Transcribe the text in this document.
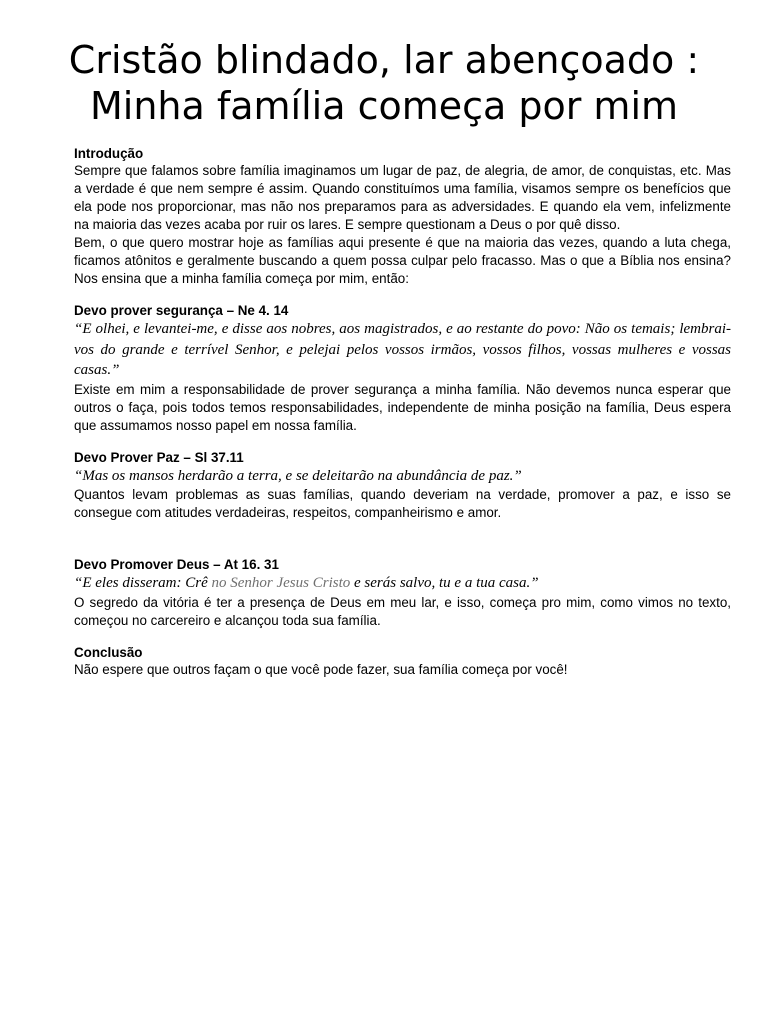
Cristão blindado, lar abençoado :
Minha família começa por mim

Introdução

Sempre que falamos sobre família imaginamos um lugar de paz, de alegria, de amor, de conquistas, etc. Mas a verdade é que nem sempre é assim. Quando constituímos uma família, visamos sempre os benefícios que ela pode nos proporcionar, mas não nos preparamos para as adversidades. E quando ela vem, infelizmente na maioria das vezes acaba por ruir os lares. E sempre questionam a Deus o por quê disso.

Bem, o que quero mostrar hoje as famílias aqui presente é que na maioria das vezes, quando a luta chega, ficamos atônitos e geralmente buscando a quem possa culpar pelo fracasso. Mas o que a Bíblia nos ensina? Nos ensina que a minha família começa por mim, então:

Devo prover segurança – Ne 4. 14

“E olhei, e levantei-me, e disse aos nobres, aos magistrados, e ao restante do povo: Não os temais; lembrai-vos do grande e terrível Senhor, e pelejai pelos vossos irmãos, vossos filhos, vossas mulheres e vossas casas.”

Existe em mim a responsabilidade de prover segurança a minha família. Não devemos nunca esperar que outros o faça, pois todos temos responsabilidades, independente de minha posição na família, Deus espera que assumamos nosso papel em nossa família.

Devo Prover Paz – Sl 37.11

“Mas os mansos herdarão a terra, e se deleitarão na abundância de paz.”

Quantos levam problemas as suas famílias, quando deveriam na verdade, promover a paz, e isso se consegue com atitudes verdadeiras, respeitos, companheirismo e amor.

Devo Promover Deus – At 16. 31

“E eles disseram: Crê no Senhor Jesus Cristo e serás salvo, tu e a tua casa.”

O segredo da vitória é ter a presença de Deus em meu lar, e isso, começa pro mim, como vimos no texto, começou no carcereiro e alcançou toda sua família.

Conclusão

Não espere que outros façam o que você pode fazer, sua família começa por você!
